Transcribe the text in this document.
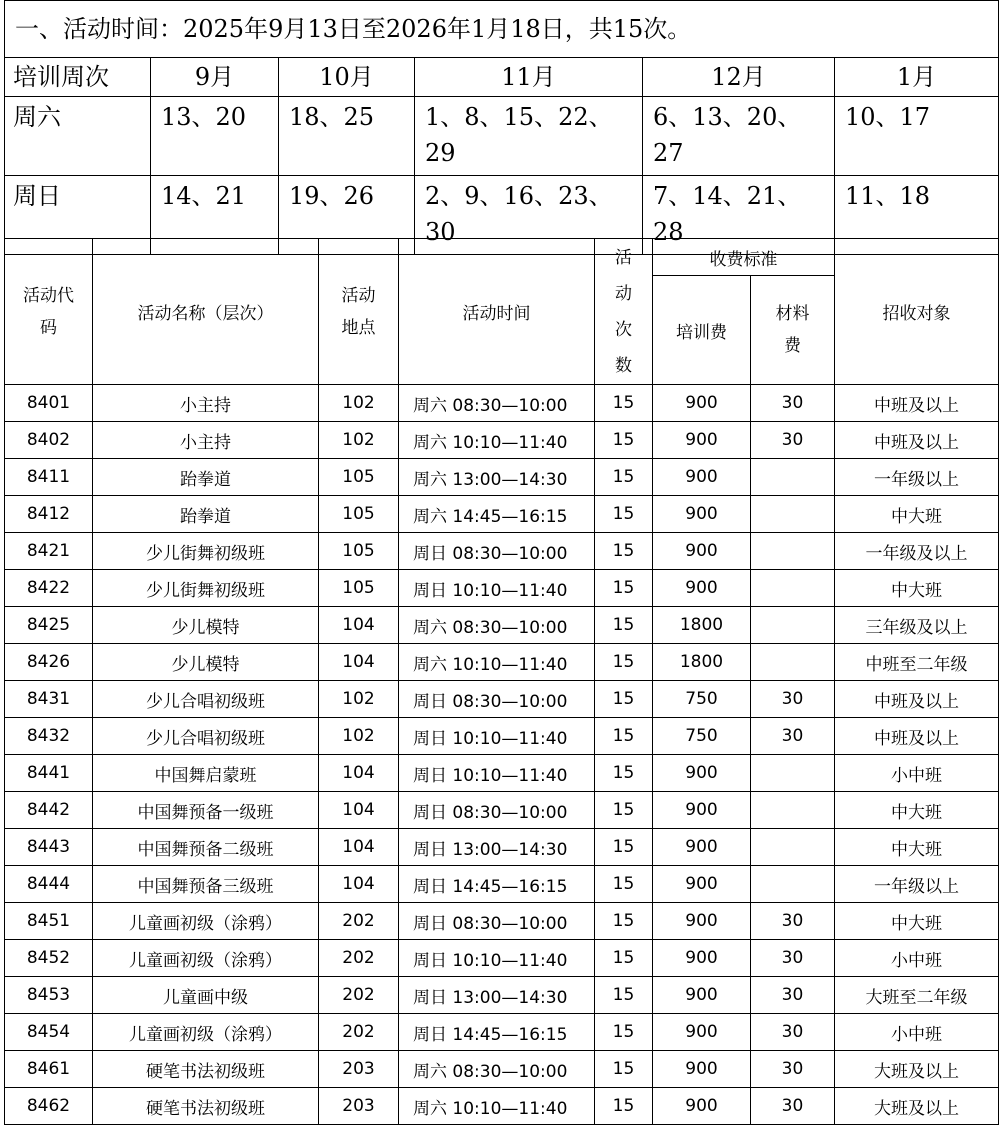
一、活动时间：2025年9月13日至2026年1月18日，共15次。					
培训周次	9月	10月	11月	12月	1月
周六	13、20	18、25	1、8、15、22、29	6、13、20、27	10、17
周日	14、21	19、26	2、9、16、23、30	7、14、21、28	11、18
活动代码	活动名称（层次）	活动地点	活动时间	活动次数	收费标准		招收对象
					培训费	材料费	
8401	小主持	102	周六 08:30—10:00	15	900	30	中班及以上
8402	小主持	102	周六 10:10—11:40	15	900	30	中班及以上
8411	跆拳道	105	周六 13:00—14:30	15	900		一年级以上
8412	跆拳道	105	周六 14:45—16:15	15	900		中大班
8421	少儿街舞初级班	105	周日 08:30—10:00	15	900		一年级及以上
8422	少儿街舞初级班	105	周日 10:10—11:40	15	900		中大班
8425	少儿模特	104	周六 08:30—10:00	15	1800		三年级及以上
8426	少儿模特	104	周六 10:10—11:40	15	1800		中班至二年级
8431	少儿合唱初级班	102	周日 08:30—10:00	15	750	30	中班及以上
8432	少儿合唱初级班	102	周日 10:10—11:40	15	750	30	中班及以上
8441	中国舞启蒙班	104	周日 10:10—11:40	15	900		小中班
8442	中国舞预备一级班	104	周日 08:30—10:00	15	900		中大班
8443	中国舞预备二级班	104	周日 13:00—14:30	15	900		中大班
8444	中国舞预备三级班	104	周日 14:45—16:15	15	900		一年级以上
8451	儿童画初级（涂鸦）	202	周日 08:30—10:00	15	900	30	中大班
8452	儿童画初级（涂鸦）	202	周日 10:10—11:40	15	900	30	小中班
8453	儿童画中级	202	周日 13:00—14:30	15	900	30	大班至二年级
8454	儿童画初级（涂鸦）	202	周日 14:45—16:15	15	900	30	小中班
8461	硬笔书法初级班	203	周六 08:30—10:00	15	900	30	大班及以上
8462	硬笔书法初级班	203	周六 10:10—11:40	15	900	30	大班及以上
